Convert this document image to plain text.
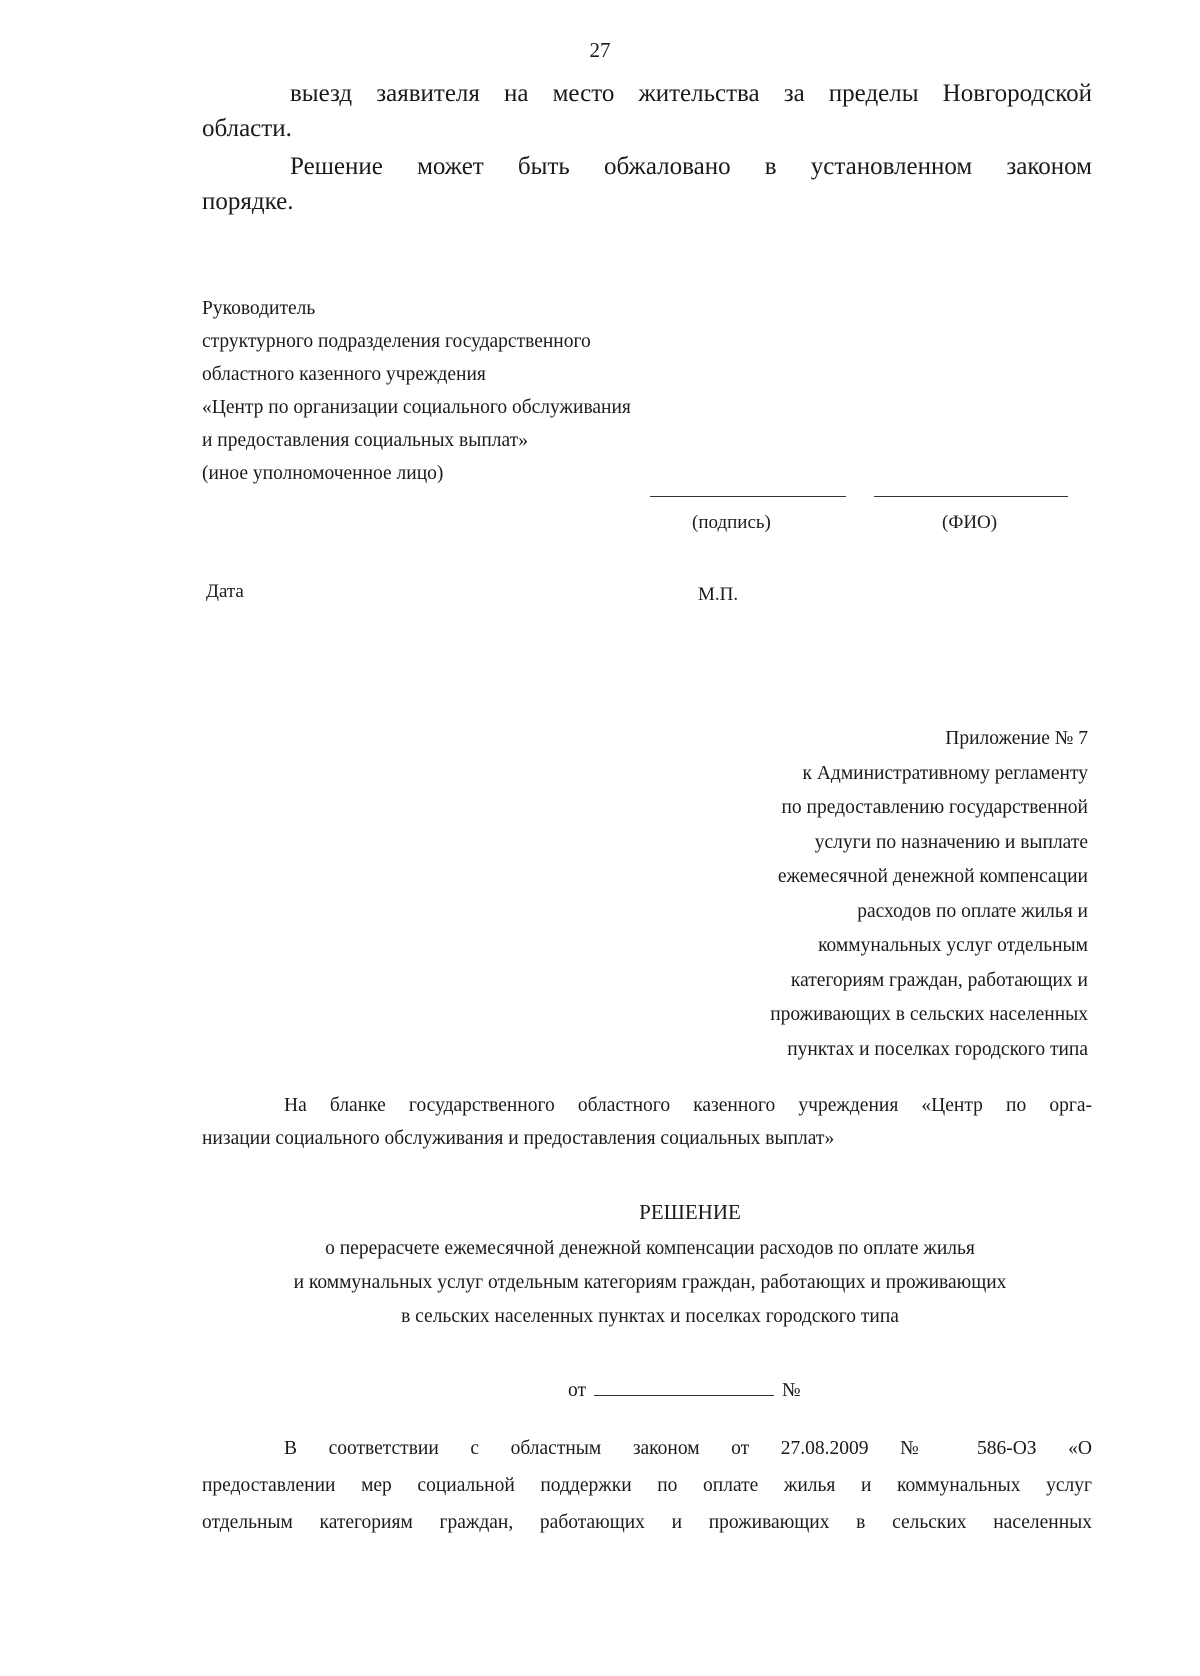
27
выезд заявителя на место жительства за пределы Новгородской
области.
Решение может быть обжаловано в установленном законом
порядке.
Руководитель
структурного подразделения государственного
областного казенного учреждения
«Центр по организации социального обслуживания
и предоставления социальных выплат»
(иное уполномоченное лицо)
(подпись)	(ФИО)
Дата	М.П.
Приложение № 7
к Административному регламенту
по предоставлению государственной
услуги по назначению и выплате
ежемесячной денежной компенсации
расходов по оплате жилья и
коммунальных услуг отдельным
категориям граждан, работающих и
проживающих в сельских населенных
пунктах и поселках городского типа
На бланке государственного областного казенного учреждения «Центр по орга-
низации социального обслуживания и предоставления социальных выплат»
РЕШЕНИЕ
о перерасчете ежемесячной денежной компенсации расходов по оплате жилья
и коммунальных услуг отдельным категориям граждан, работающих и проживающих
в сельских населенных пунктах и поселках городского типа
от	№
В соответствии с областным законом от 27.08.2009 № 586-ОЗ «О
предоставлении мер социальной поддержки по оплате жилья и коммунальных услуг
отдельным категориям граждан, работающих и проживающих в сельских населенных
